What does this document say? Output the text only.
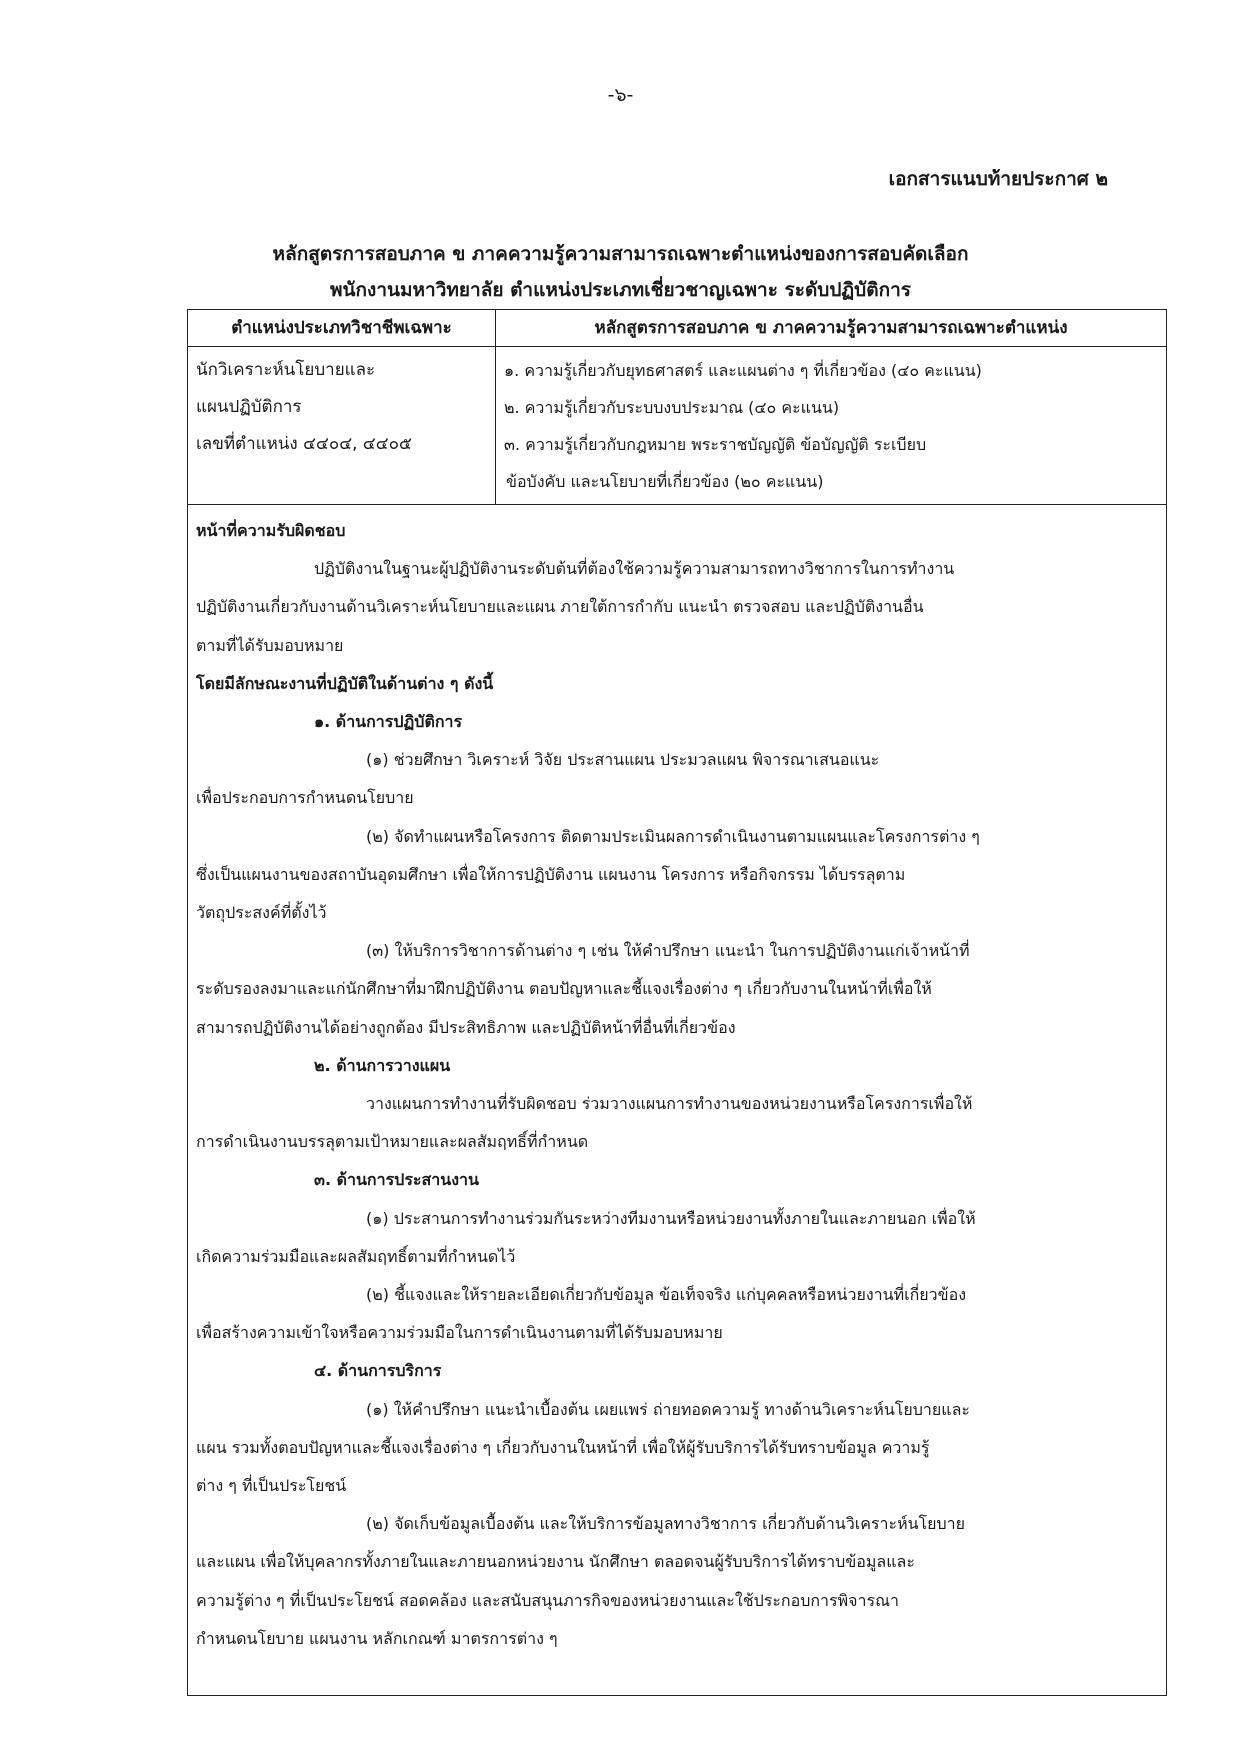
-๖-
เอกสารแนบท้ายประกาศ ๒
หลักสูตรการสอบภาค ข ภาคความรู้ความสามารถเฉพาะตำแหน่งของการสอบคัดเลือก
พนักงานมหาวิทยาลัย ตำแหน่งประเภทเชี่ยวชาญเฉพาะ ระดับปฏิบัติการ
ตำแหน่งประเภทวิชาชีพเฉพาะ	หลักสูตรการสอบภาค ข ภาคความรู้ความสามารถเฉพาะตำแหน่ง
นักวิเคราะห์นโยบายและ
แผนปฏิบัติการ
เลขที่ตำแหน่ง ๔๔๐๔, ๔๔๐๕
๑. ความรู้เกี่ยวกับยุทธศาสตร์ และแผนต่าง ๆ ที่เกี่ยวข้อง (๔๐ คะแนน)
๒. ความรู้เกี่ยวกับระบบงบประมาณ (๔๐ คะแนน)
๓. ความรู้เกี่ยวกับกฎหมาย พระราชบัญญัติ ข้อบัญญัติ ระเบียบ
ข้อบังคับ และนโยบายที่เกี่ยวข้อง (๒๐ คะแนน)
หน้าที่ความรับผิดชอบ
ปฏิบัติงานในฐานะผู้ปฏิบัติงานระดับต้นที่ต้องใช้ความรู้ความสามารถทางวิชาการในการทำงาน
ปฏิบัติงานเกี่ยวกับงานด้านวิเคราะห์นโยบายและแผน ภายใต้การกำกับ แนะนำ ตรวจสอบ และปฏิบัติงานอื่น
ตามที่ได้รับมอบหมาย
โดยมีลักษณะงานที่ปฏิบัติในด้านต่าง ๆ ดังนี้
๑. ด้านการปฏิบัติการ
(๑) ช่วยศึกษา วิเคราะห์ วิจัย ประสานแผน ประมวลแผน พิจารณาเสนอแนะ
เพื่อประกอบการกำหนดนโยบาย
(๒) จัดทำแผนหรือโครงการ ติดตามประเมินผลการดำเนินงานตามแผนและโครงการต่าง ๆ
ซึ่งเป็นแผนงานของสถาบันอุดมศึกษา เพื่อให้การปฏิบัติงาน แผนงาน โครงการ หรือกิจกรรม ได้บรรลุตาม
วัตถุประสงค์ที่ตั้งไว้
(๓) ให้บริการวิชาการด้านต่าง ๆ เช่น ให้คำปรึกษา แนะนำ ในการปฏิบัติงานแก่เจ้าหน้าที่
ระดับรองลงมาและแก่นักศึกษาที่มาฝึกปฏิบัติงาน ตอบปัญหาและชี้แจงเรื่องต่าง ๆ เกี่ยวกับงานในหน้าที่เพื่อให้
สามารถปฏิบัติงานได้อย่างถูกต้อง มีประสิทธิภาพ และปฏิบัติหน้าที่อื่นที่เกี่ยวข้อง
๒. ด้านการวางแผน
วางแผนการทำงานที่รับผิดชอบ ร่วมวางแผนการทำงานของหน่วยงานหรือโครงการเพื่อให้
การดำเนินงานบรรลุตามเป้าหมายและผลสัมฤทธิ์ที่กำหนด
๓. ด้านการประสานงาน
(๑) ประสานการทำงานร่วมกันระหว่างทีมงานหรือหน่วยงานทั้งภายในและภายนอก เพื่อให้
เกิดความร่วมมือและผลสัมฤทธิ์ตามที่กำหนดไว้
(๒) ชี้แจงและให้รายละเอียดเกี่ยวกับข้อมูล ข้อเท็จจริง แก่บุคคลหรือหน่วยงานที่เกี่ยวข้อง
เพื่อสร้างความเข้าใจหรือความร่วมมือในการดำเนินงานตามที่ได้รับมอบหมาย
๔. ด้านการบริการ
(๑) ให้คำปรึกษา แนะนำเบื้องต้น เผยแพร่ ถ่ายทอดความรู้ ทางด้านวิเคราะห์นโยบายและ
แผน รวมทั้งตอบปัญหาและชี้แจงเรื่องต่าง ๆ เกี่ยวกับงานในหน้าที่ เพื่อให้ผู้รับบริการได้รับทราบข้อมูล ความรู้
ต่าง ๆ ที่เป็นประโยชน์
(๒) จัดเก็บข้อมูลเบื้องต้น และให้บริการข้อมูลทางวิชาการ เกี่ยวกับด้านวิเคราะห์นโยบาย
และแผน เพื่อให้บุคลากรทั้งภายในและภายนอกหน่วยงาน นักศึกษา ตลอดจนผู้รับบริการได้ทราบข้อมูลและ
ความรู้ต่าง ๆ ที่เป็นประโยชน์ สอดคล้อง และสนับสนุนภารกิจของหน่วยงานและใช้ประกอบการพิจารณา
กำหนดนโยบาย แผนงาน หลักเกณฑ์ มาตรการต่าง ๆ
